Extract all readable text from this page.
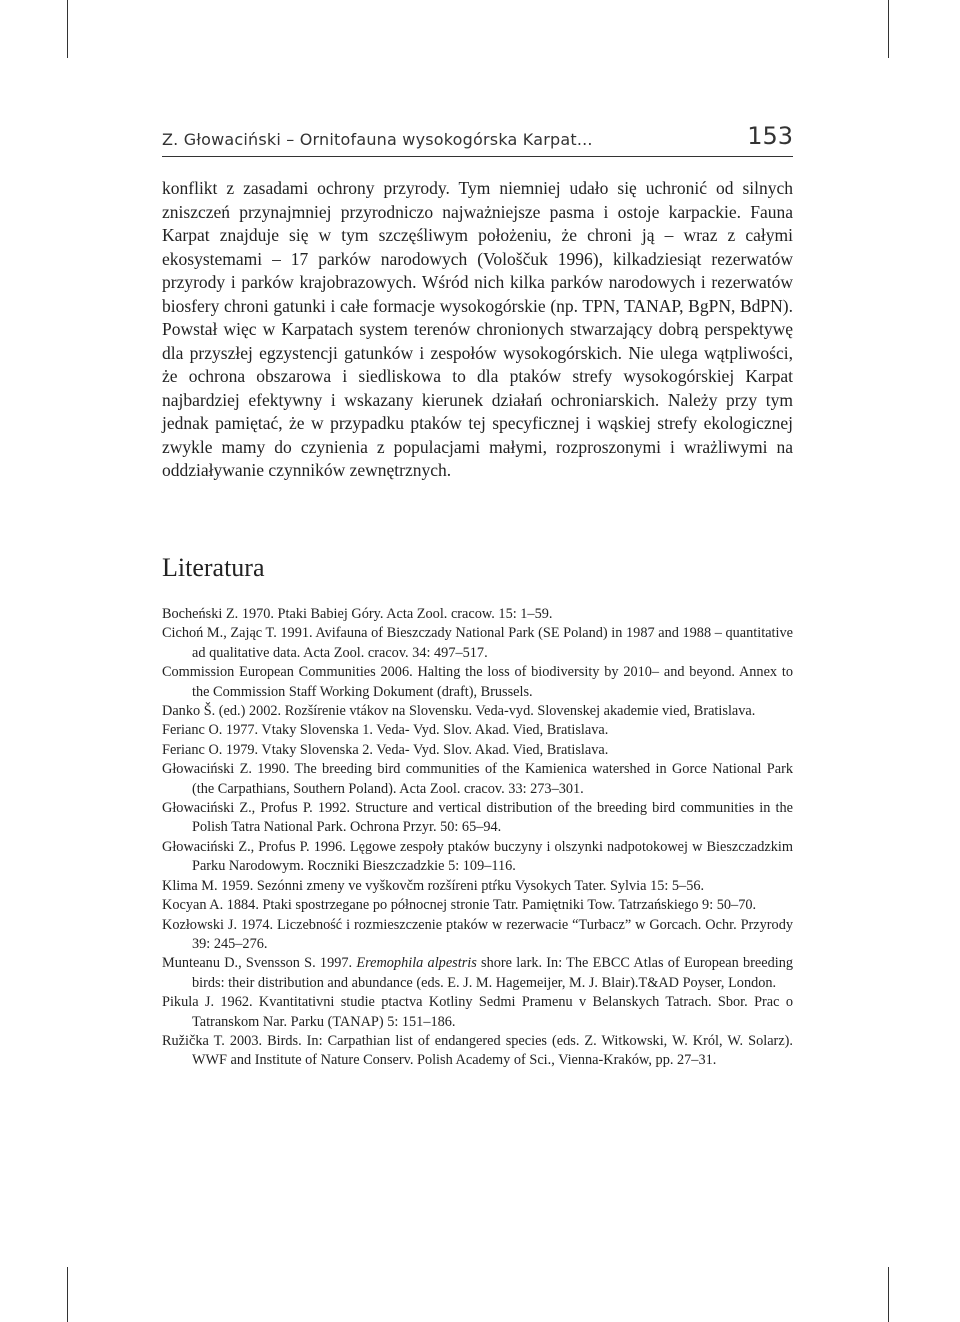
Z. Głowaciński – Ornitofauna wysokogórska Karpat...	153

konflikt z zasadami ochrony przyrody. Tym niemniej udało się uchronić od silnych zniszczeń przynajmniej przyrodniczo najważniejsze pasma i ostoje karpackie. Fauna Karpat znajduje się w tym szczęśliwym położeniu, że chroni ją – wraz z całymi ekosystemami – 17 parków narodowych (Vološčuk 1996), kilkadziesiąt rezerwatów przyrody i parków krajobrazowych. Wśród nich kilka parków narodowych i rezerwatów biosfery chroni gatunki i całe formacje wysokogórskie (np. TPN, TANAP, BgPN, BdPN). Powstał więc w Karpatach system terenów chronionych stwarzający dobrą perspektywę dla przyszłej egzystencji gatunków i zespołów wysokogórskich. Nie ulega wątpliwości, że ochrona obszarowa i siedliskowa to dla ptaków strefy wysokogórskiej Karpat najbardziej efektywny i wskazany kierunek działań ochroniarskich. Należy przy tym jednak pamiętać, że w przypadku ptaków tej specyficznej i wąskiej strefy ekologicznej zwykle mamy do czynienia z populacjami małymi, rozproszonymi i wrażliwymi na oddziaływanie czynników zewnętrznych.

Literatura

Bocheński Z. 1970. Ptaki Babiej Góry. Acta Zool. cracow. 15: 1–59.

Cichoń M., Zając T. 1991. Avifauna of Bieszczady National Park (SE Poland) in 1987 and 1988 – quantitative ad qualitative data. Acta Zool. cracov. 34: 497–517.

Commission European Communities 2006. Halting the loss of biodiversity by 2010– and beyond. Annex to the Commission Staff Working Dokument (draft), Brussels.

Danko Š. (ed.) 2002. Rozšírenie vtákov na Slovensku. Veda-vyd. Slovenskej akademie vied, Bratislava.

Ferianc O. 1977. Vtaky Slovenska 1. Veda- Vyd. Slov. Akad. Vied, Bratislava.

Ferianc O. 1979. Vtaky Slovenska 2. Veda- Vyd. Slov. Akad. Vied, Bratislava.

Głowaciński Z. 1990. The breeding bird communities of the Kamienica watershed in Gorce National Park (the Carpathians, Southern Poland). Acta Zool. cracov. 33: 273–301.

Głowaciński Z., Profus P. 1992. Structure and vertical distribution of the breeding bird communities in the Polish Tatra National Park. Ochrona Przyr. 50: 65–94.

Głowaciński Z., Profus P. 1996. Lęgowe zespoły ptaków buczyny i olszynki nadpotokowej w Bieszczadzkim Parku Narodowym. Roczniki Bieszczadzkie 5: 109–116.

Klima M. 1959. Sezónni zmeny ve vyškovčm rozšíreni ptŕku Vysokych Tater. Sylvia 15: 5–56.

Kocyan A. 1884. Ptaki spostrzegane po północnej stronie Tatr. Pamiętniki Tow. Tatrzańskiego 9: 50–70.

Kozłowski J. 1974. Liczebność i rozmieszczenie ptaków w rezerwacie “Turbacz” w Gorcach. Ochr. Przyrody 39: 245–276.

Munteanu D., Svensson S. 1997. Eremophila alpestris shore lark. In: The EBCC Atlas of European breeding birds: their distribution and abundance (eds. E. J. M. Hagemeijer, M. J. Blair).T&AD Poyser, London.

Pikula J. 1962. Kvantitativni studie ptactva Kotliny Sedmi Pramenu v Belanskych Tatrach. Sbor. Prac o Tatranskom Nar. Parku (TANAP) 5: 151–186.

Ružička T. 2003. Birds. In: Carpathian list of endangered species (eds. Z. Witkowski, W. Król, W. Solarz). WWF and Institute of Nature Conserv. Polish Academy of Sci., Vienna-Kraków, pp. 27–31.
